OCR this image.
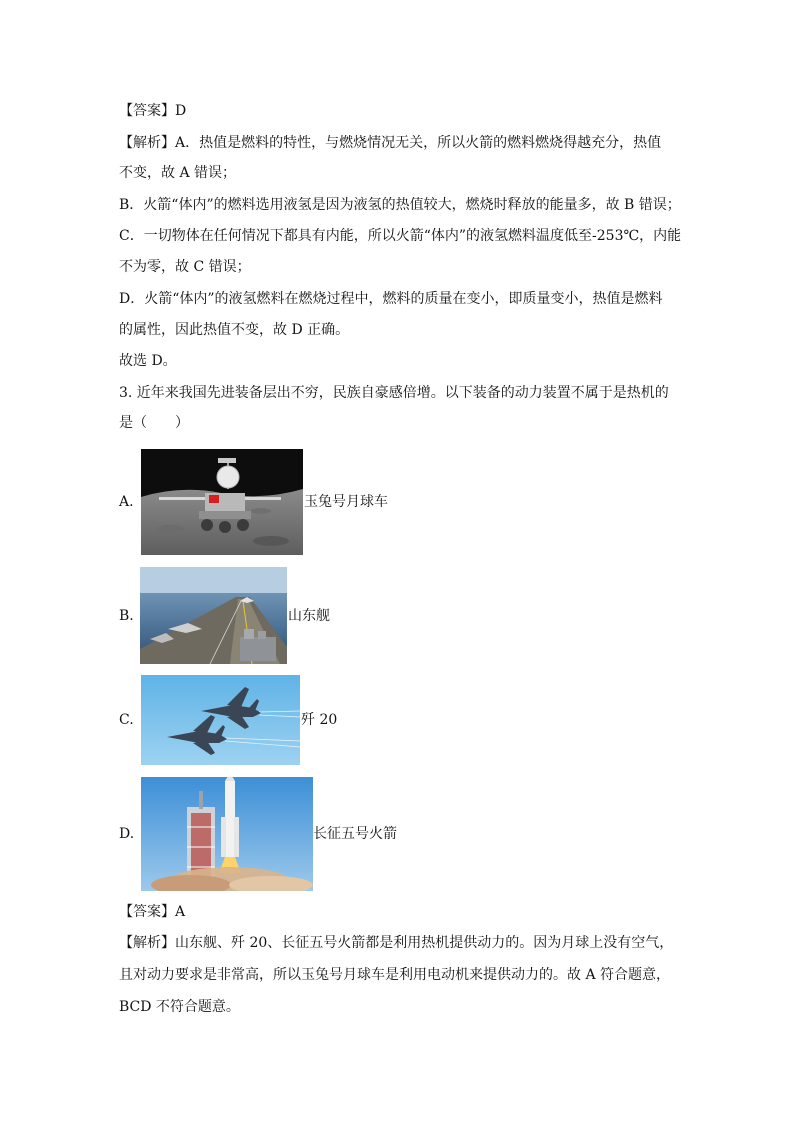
【答案】D
【解析】A．热值是燃料的特性，与燃烧情况无关，所以火箭的燃料燃烧得越充分，热值
不变，故 A 错误；
B．火箭“体内”的燃料选用液氢是因为液氢的热值较大，燃烧时释放的能量多，故 B 错误；
C．一切物体在任何情况下都具有内能，所以火箭“体内”的液氢燃料温度低至-253℃，内能
不为零，故 C 错误；
D．火箭“体内”的液氢燃料在燃烧过程中，燃料的质量在变小，即质量变小，热值是燃料
的属性，因此热值不变，故 D 正确。
故选 D。
3. 近年来我国先进装备层出不穷，民族自豪感倍增。以下装备的动力装置不属于是热机的
是（　　）
A.	玉兔号月球车
B.	山东舰
C.	歼 20
D.	长征五号火箭
【答案】A
【解析】山东舰、歼 20、长征五号火箭都是利用热机提供动力的。因为月球上没有空气，
且对动力要求是非常高，所以玉兔号月球车是利用电动机来提供动力的。故 A 符合题意，
BCD 不符合题意。
